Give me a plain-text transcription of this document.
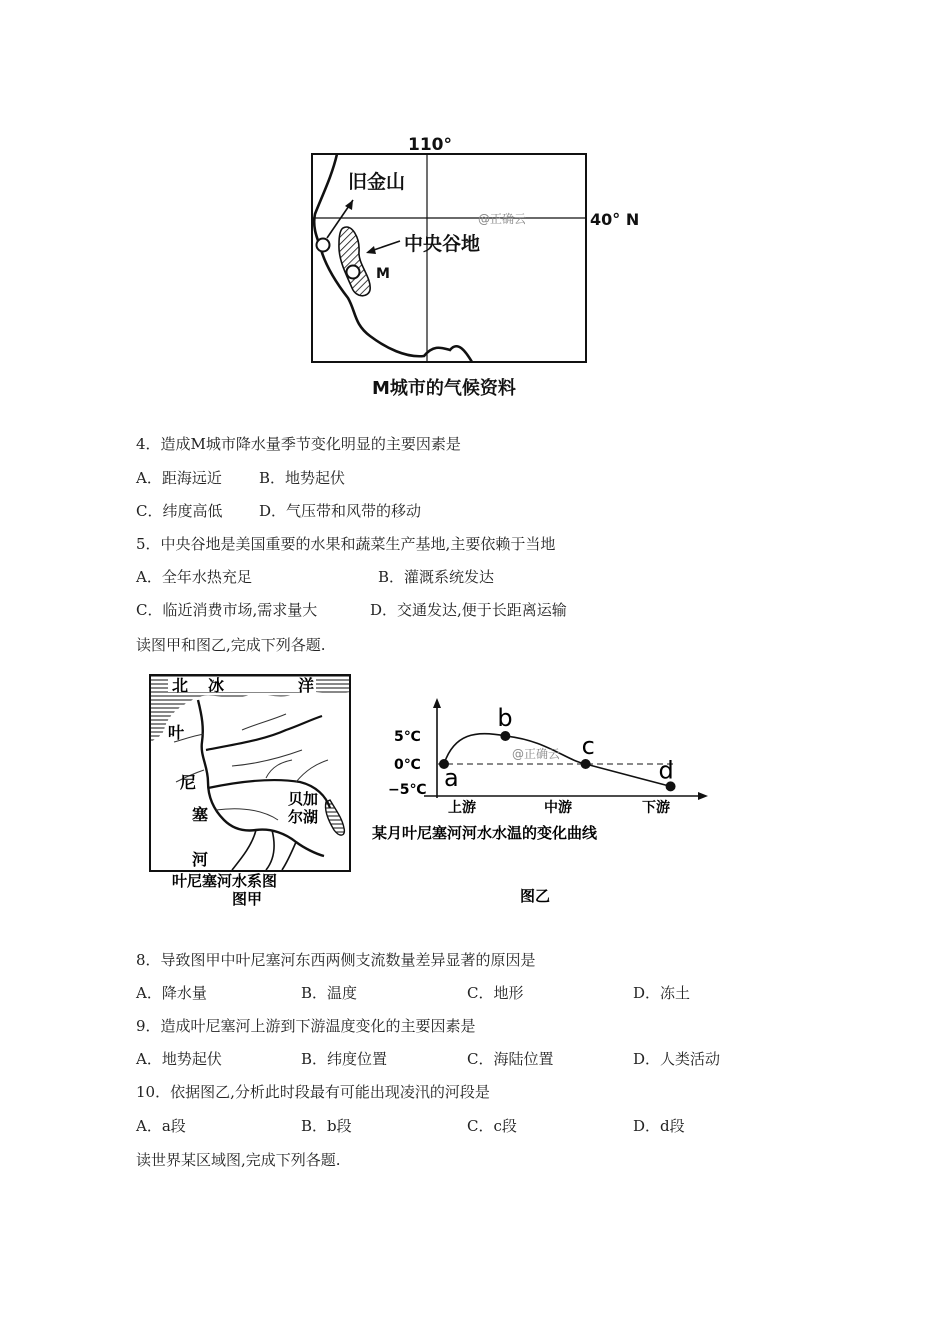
110°
40° N
旧金山
中央谷地
M
@正确云
M城市的气候资料
4．造成M城市降水量季节变化明显的主要因素是
A．距海远近 B．地势起伏
C．纬度高低 D．气压带和风带的移动
5．中央谷地是美国重要的水果和蔬菜生产基地,主要依赖于当地
A．全年水热充足	B．灌溉系统发达
C．临近消费市场,需求量大	D．交通发达,便于长距离运输
读图甲和图乙,完成下列各题.
北 冰	洋
叶
尼
塞
河
贝加
尔湖
叶尼塞河水系图
图甲
5℃
0℃
−5℃ a
b
c
d
上游	中游	下游
某月叶尼塞河河水水温的变化曲线
@正确云
图乙
8．导致图甲中叶尼塞河东西两侧支流数量差异显著的原因是
A．降水量	B．温度	C．地形	D．冻土
9．造成叶尼塞河上游到下游温度变化的主要因素是
A．地势起伏	B．纬度位置	C．海陆位置	D．人类活动
10．依据图乙,分析此时段最有可能出现凌汛的河段是
A．a段	B．b段	C．c段	D．d段
读世界某区域图,完成下列各题.
